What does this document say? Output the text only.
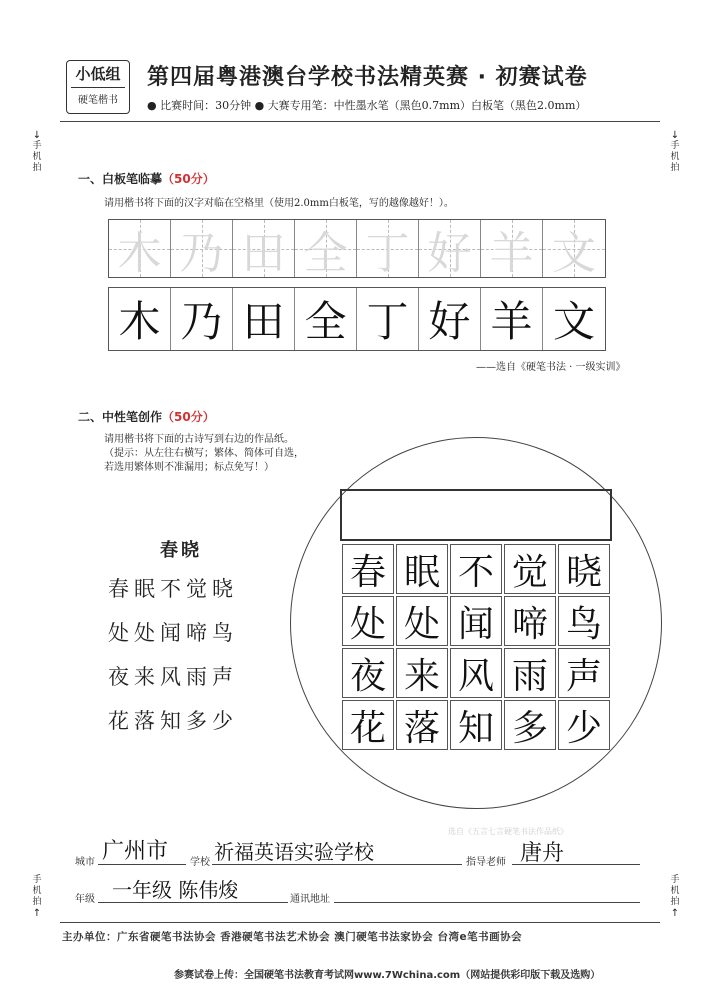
小低组
硬笔楷书
第四届粤港澳台学校书法精英赛 · 初赛试卷
● 比赛时间：30分钟 ● 大赛专用笔：中性墨水笔（黑色0.7mm）白板笔（黑色2.0mm）
↓
手机拍
↓
手机拍
手机拍
↑
手机拍
↑
一、白板笔临摹（50分）
请用楷书将下面的汉字对临在空格里（使用2.0mm白板笔，写的越像越好！）。
木 乃 田 全 丁 好 羊 文
木 乃 田 全 丁 好 羊 文
——选自《硬笔书法 · 一级实训》
二、中性笔创作（50分）
请用楷书将下面的古诗写到右边的作品纸。
（提示：从左往右横写；繁体、简体可自选，
若选用繁体则不准漏用；标点免写！）
春晓
春眠不觉晓
处处闻啼鸟
夜来风雨声
花落知多少
春 眠 不 觉 晓
处 处 闻 啼 鸟
夜 来 风 雨 声
花 落 知 多 少
选自《五言七言硬笔书法作品纸》
城市 广州市 学校 祈福英语实验学校	指导老师 唐舟
年级 一年级 陈伟焌	通讯地址
主办单位：广东省硬笔书法协会 香港硬笔书法艺术协会 澳门硬笔书法家协会 台湾e笔书画协会
参赛试卷上传：全国硬笔书法教育考试网www.7Wchina.com（网站提供彩印版下载及选购）
